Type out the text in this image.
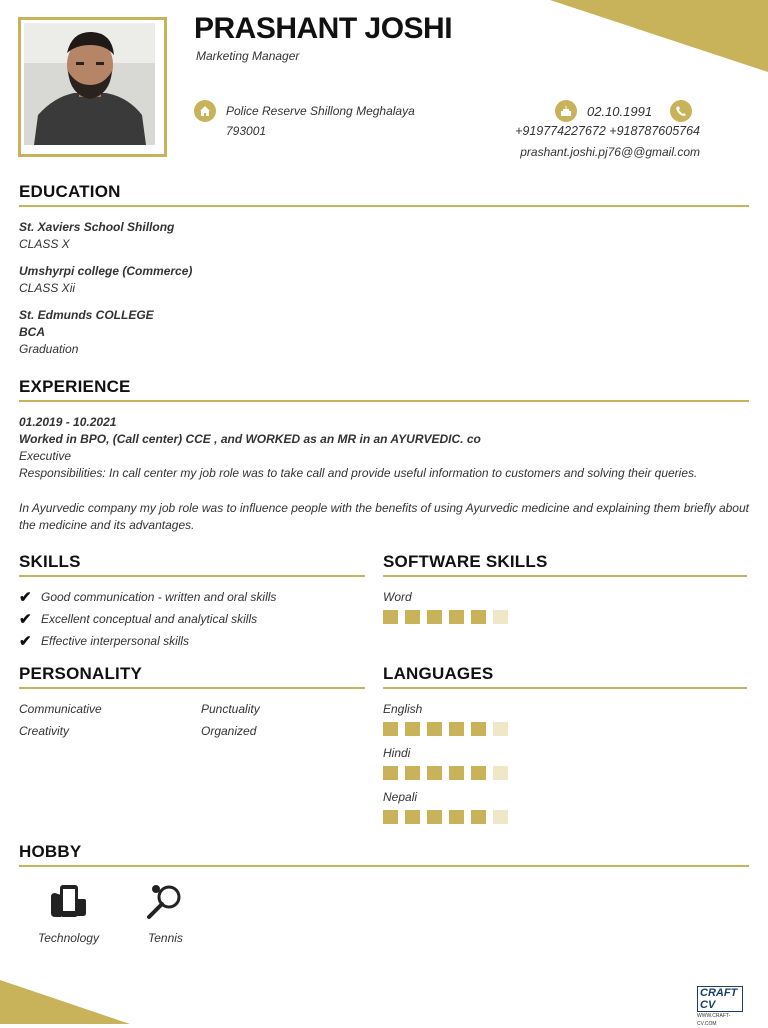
PRASHANT JOSHI
Marketing Manager
Police Reserve Shillong Meghalaya
793001
02.10.1991
+919774227672 +918787605764
prashant.joshi.pj76@@gmail.com
EDUCATION
St. Xaviers School Shillong
CLASS X
Umshyrpi college (Commerce)
CLASS Xii
St. Edmunds COLLEGE
BCA
Graduation
EXPERIENCE
01.2019 - 10.2021
Worked in BPO, (Call center) CCE , and WORKED as an MR in an AYURVEDIC. co
Executive
Responsibilities: In call center my job role was to take call and provide useful information to customers and solving their queries.
In Ayurvedic company my job role was to influence people with the benefits of using Ayurvedic medicine and explaining them briefly about the medicine and its advantages.
SKILLS
✔ Good communication - written and oral skills
✔ Excellent conceptual and analytical skills
✔ Effective interpersonal skills
SOFTWARE SKILLS
Word
PERSONALITY
Communicative	Punctuality
Creativity	Organized
LANGUAGES
English
Hindi
Nepali
HOBBY
Technology	Tennis
CRAFT CV
WWW.CRAFT-CV.COM
